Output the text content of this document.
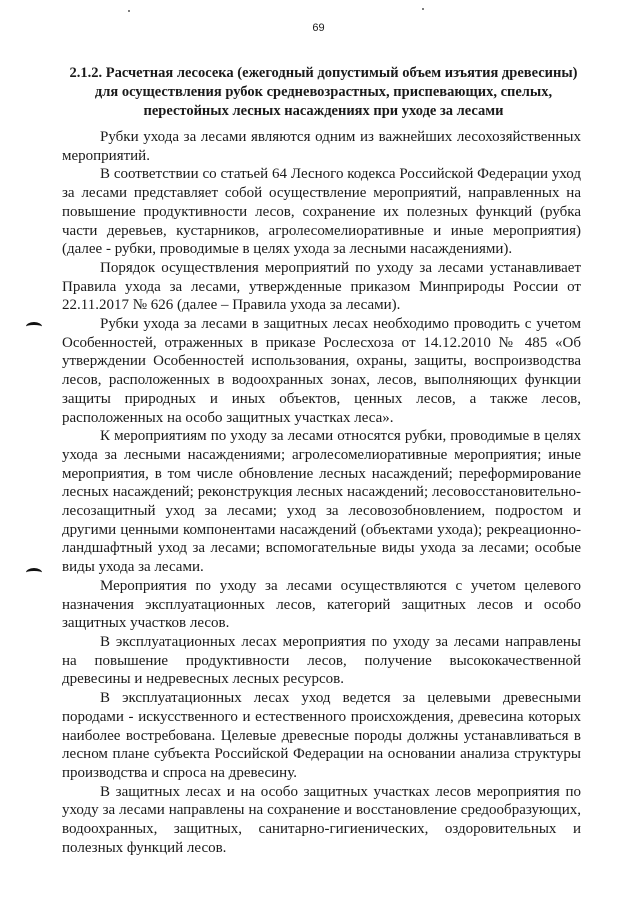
69
2.1.2. Расчетная лесосека (ежегодный допустимый объем изъятия древесины) для осуществления рубок средневозрастных, приспевающих, спелых, перестойных лесных насаждениях при уходе за лесами

Рубки ухода за лесами являются одним из важнейших лесохозяйственных мероприятий.

В соответствии со статьей 64 Лесного кодекса Российской Федерации уход за лесами представляет собой осуществление мероприятий, направленных на повышение продуктивности лесов, сохранение их полезных функций (рубка части деревьев, кустарников, агролесомелиоративные и иные мероприятия) (далее - рубки, проводимые в целях ухода за лесными насаждениями).

Порядок осуществления мероприятий по уходу за лесами устанавливает Правила ухода за лесами, утвержденные приказом Минприроды России от 22.11.2017 № 626 (далее – Правила ухода за лесами).

Рубки ухода за лесами в защитных лесах необходимо проводить с учетом Особенностей, отраженных в приказе Рослесхоза от 14.12.2010 № 485 «Об утверждении Особенностей использования, охраны, защиты, воспроизводства лесов, расположенных в водоохранных зонах, лесов, выполняющих функции защиты природных и иных объектов, ценных лесов, а также лесов, расположенных на особо защитных участках леса».

К мероприятиям по уходу за лесами относятся рубки, проводимые в целях ухода за лесными насаждениями; агролесомелиоративные мероприятия; иные мероприятия, в том числе обновление лесных насаждений; переформирование лесных насаждений; реконструкция лесных насаждений; лесовосстановительно-лесозащитный уход за лесами; уход за лесовозобновлением, подростом и другими ценными компонентами насаждений (объектами ухода); рекреационно-ландшафтный уход за лесами; вспомогательные виды ухода за лесами; особые виды ухода за лесами.

Мероприятия по уходу за лесами осуществляются с учетом целевого назначения эксплуатационных лесов, категорий защитных лесов и особо защитных участков лесов.

В эксплуатационных лесах мероприятия по уходу за лесами направлены на повышение продуктивности лесов, получение высококачественной древесины и недревесных лесных ресурсов.

В эксплуатационных лесах уход ведется за целевыми древесными породами - искусственного и естественного происхождения, древесина которых наиболее востребована. Целевые древесные породы должны устанавливаться в лесном плане субъекта Российской Федерации на основании анализа структуры производства и спроса на древесину.

В защитных лесах и на особо защитных участках лесов мероприятия по уходу за лесами направлены на сохранение и восстановление средообразующих, водоохранных, защитных, санитарно-гигиенических, оздоровительных и полезных функций лесов.
